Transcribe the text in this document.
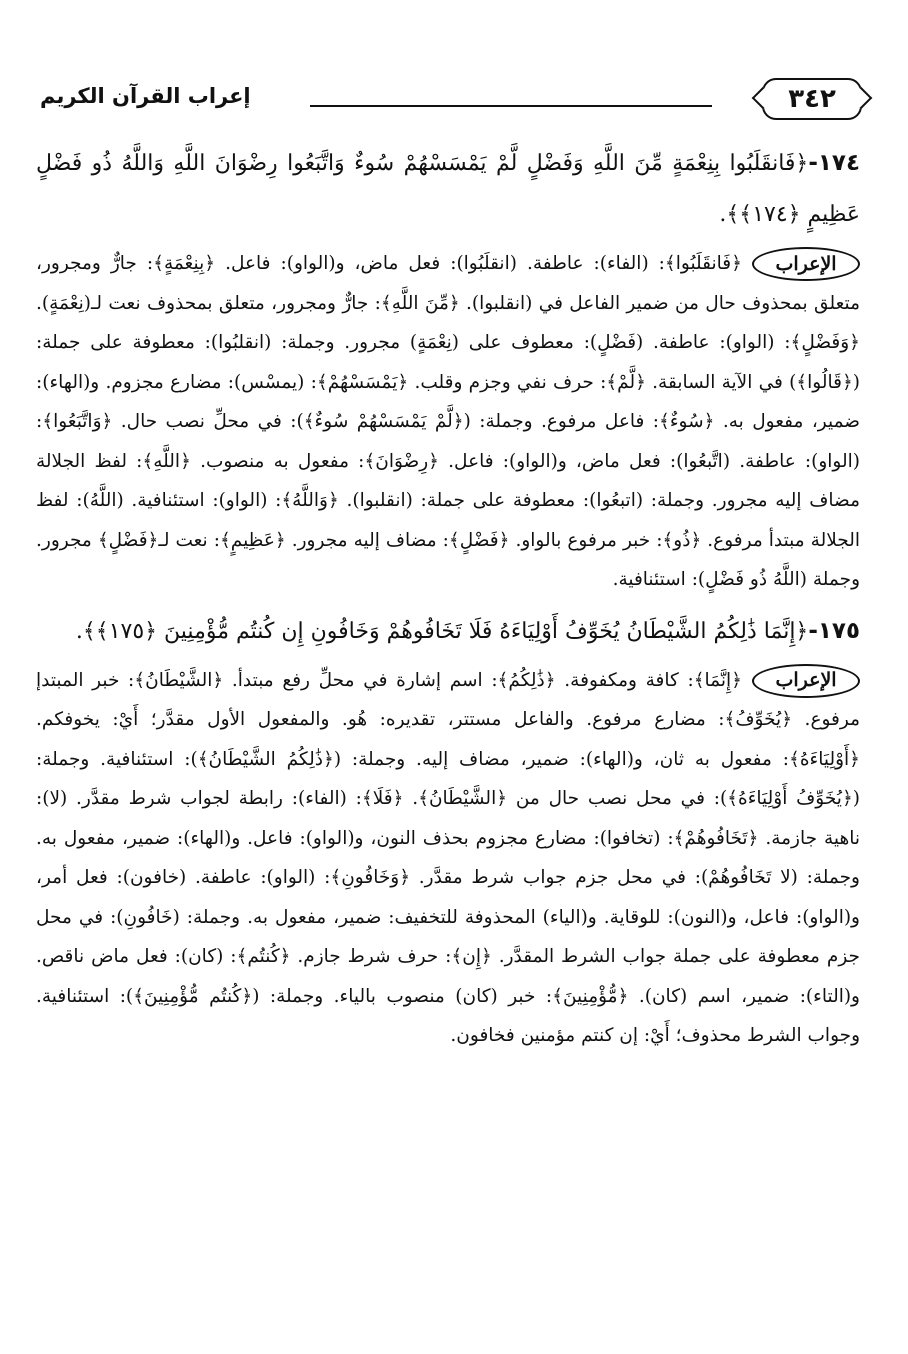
٣٤٢
إعراب القرآن الكريم

١٧٤-﴿فَانقَلَبُوا بِنِعْمَةٍ مِّنَ اللَّهِ وَفَضْلٍ لَّمْ يَمْسَسْهُمْ سُوءٌ وَاتَّبَعُوا رِضْوَانَ اللَّهِ وَاللَّهُ ذُو فَضْلٍ عَظِيمٍ ﴿١٧٤﴾﴾.

الإعراب
﴿فَانقَلَبُوا﴾: (الفاء): عاطفة. (انقلَبُوا): فعل ماض، و(الواو): فاعل. ﴿بِنِعْمَةٍ﴾: جارٌّ ومجرور، متعلق بمحذوف حال من ضمير الفاعل في (انقلبوا). ﴿مِّنَ اللَّهِ﴾: جارٌّ ومجرور، متعلق بمحذوف نعت لـ(نِعْمَةٍ). ﴿وَفَضْلٍ﴾: (الواو): عاطفة. (فَضْلٍ): معطوف على (نِعْمَةٍ) مجرور. وجملة: (انقلبُوا): معطوفة على جملة: (﴿قَالُوا﴾) في الآية السابقة. ﴿لَّمْ﴾: حرف نفي وجزم وقلب. ﴿يَمْسَسْهُمْ﴾: (يمسْس): مضارع مجزوم. و(الهاء): ضمير، مفعول به. ﴿سُوءٌ﴾: فاعل مرفوع. وجملة: (﴿لَّمْ يَمْسَسْهُمْ سُوءٌ﴾): في محلِّ نصب حال. ﴿وَاتَّبَعُوا﴾: (الواو): عاطفة. (اتَّبعُوا): فعل ماض، و(الواو): فاعل. ﴿رِضْوَانَ﴾: مفعول به منصوب. ﴿اللَّهِ﴾: لفظ الجلالة مضاف إليه مجرور. وجملة: (اتبعُوا): معطوفة على جملة: (انقلبوا). ﴿وَاللَّهُ﴾: (الواو): استئنافية. (اللَّهُ): لفظ الجلالة مبتدأ مرفوع. ﴿ذُو﴾: خبر مرفوع بالواو. ﴿فَضْلٍ﴾: مضاف إليه مجرور. ﴿عَظِيمٍ﴾: نعت لـ﴿فَضْلٍ﴾ مجرور. وجملة (اللَّهُ ذُو فَضْلٍ): استئنافية.

١٧٥-﴿إِنَّمَا ذَٰلِكُمُ الشَّيْطَانُ يُخَوِّفُ أَوْلِيَاءَهُ فَلَا تَخَافُوهُمْ وَخَافُونِ إِن كُنتُم مُّؤْمِنِينَ ﴿١٧٥﴾﴾.

الإعراب
﴿إِنَّمَا﴾: كافة ومكفوفة. ﴿ذَٰلِكُمُ﴾: اسم إشارة في محلِّ رفع مبتدأ. ﴿الشَّيْطَانُ﴾: خبر المبتدإ مرفوع. ﴿يُخَوِّفُ﴾: مضارع مرفوع. والفاعل مستتر، تقديره: هُو. والمفعول الأول مقدَّر؛ أَيْ: يخوفكم. ﴿أَوْلِيَاءَهُ﴾: مفعول به ثان، و(الهاء): ضمير، مضاف إليه. وجملة: (﴿ذَٰلِكُمُ الشَّيْطَانُ﴾): استئنافية. وجملة: (﴿يُخَوِّفُ أَوْلِيَاءَهُ﴾): في محل نصب حال من ﴿الشَّيْطَانُ﴾. ﴿فَلَا﴾: (الفاء): رابطة لجواب شرط مقدَّر. (لا): ناهية جازمة. ﴿تَخَافُوهُمْ﴾: (تخافوا): مضارع مجزوم بحذف النون، و(الواو): فاعل. و(الهاء): ضمير، مفعول به. وجملة: (لا تَخَافُوهُمْ): في محل جزم جواب شرط مقدَّر. ﴿وَخَافُونِ﴾: (الواو): عاطفة. (خافون): فعل أمر، و(الواو): فاعل، و(النون): للوقاية. و(الياء) المحذوفة للتخفيف: ضمير، مفعول به. وجملة: (خَافُونِ): في محل جزم معطوفة على جملة جواب الشرط المقدَّر. ﴿إِن﴾: حرف شرط جازم. ﴿كُنتُم﴾: (كان): فعل ماض ناقص. و(التاء): ضمير، اسم (كان). ﴿مُّؤْمِنِينَ﴾: خبر (كان) منصوب بالياء. وجملة: (﴿كُنتُم مُّؤْمِنِينَ﴾): استئنافية. وجواب الشرط محذوف؛ أَيْ: إن كنتم مؤمنين فخافون.
